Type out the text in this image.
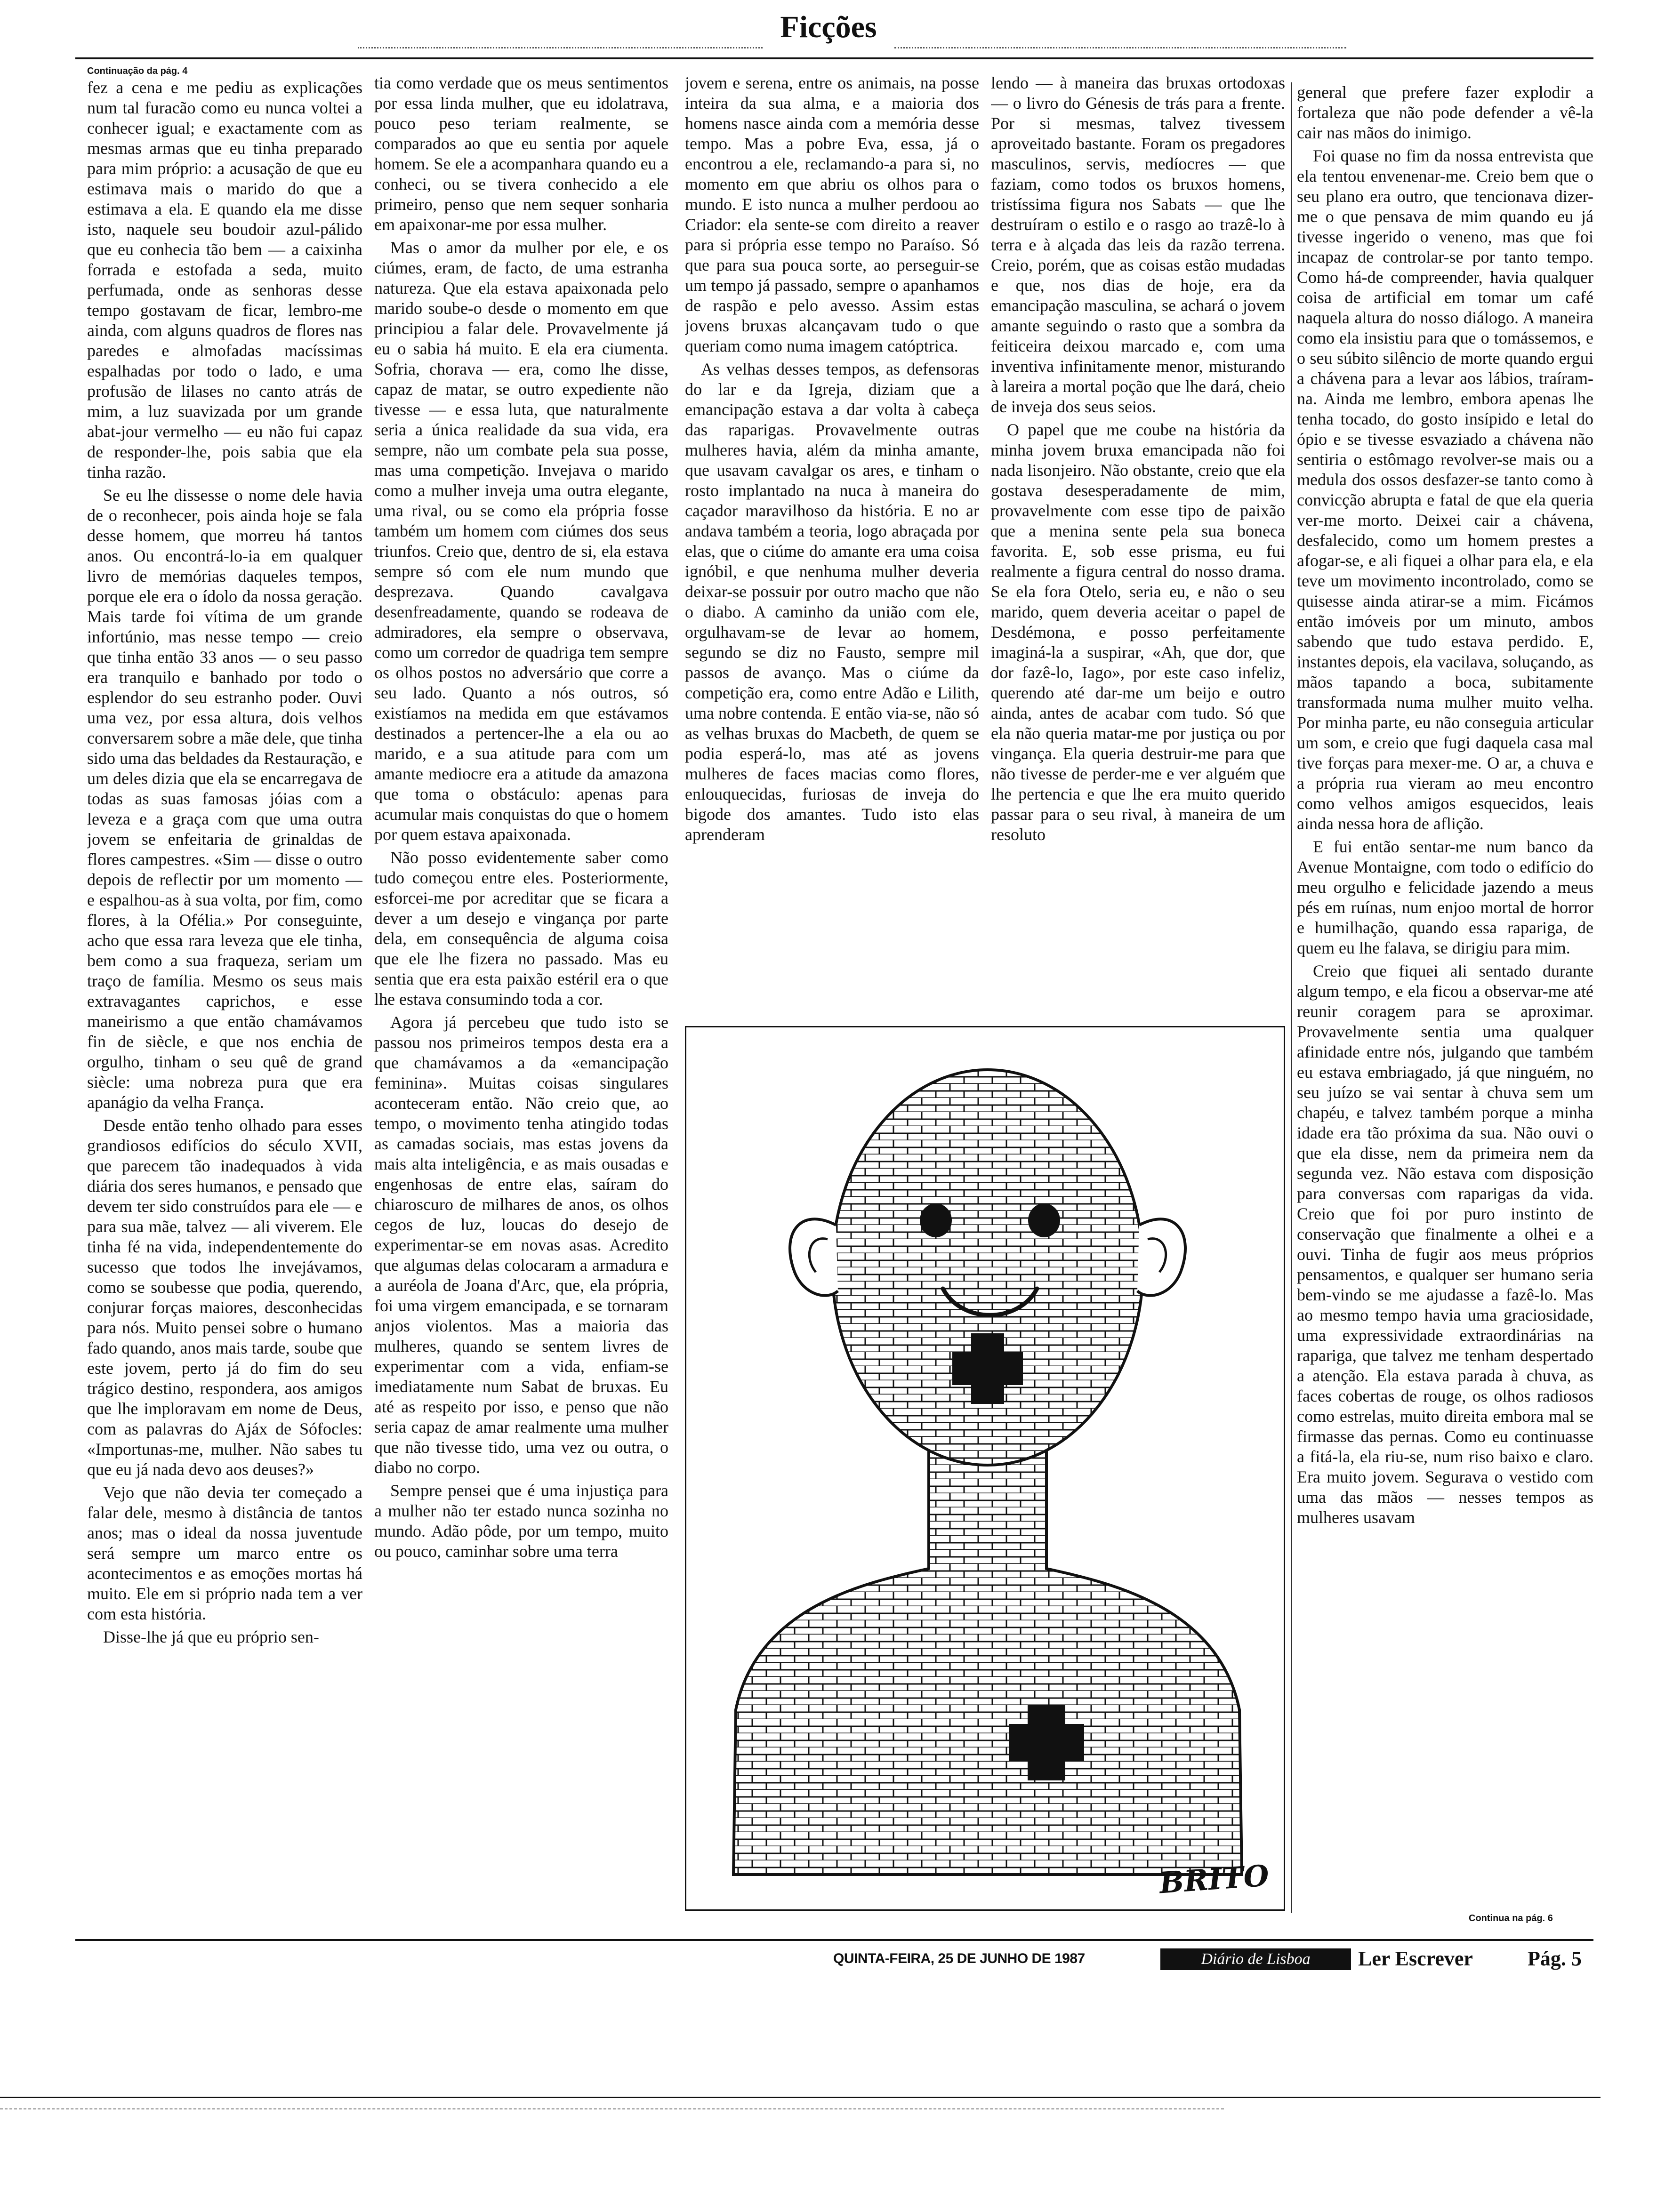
Ficções
Continuação da pág. 4

fez a cena e me pediu as explicações num tal furacão como eu nunca voltei a conhecer igual; e exactamente com as mesmas armas que eu tinha preparado para mim próprio: a acusação de que eu estimava mais o marido do que a estimava a ela. E quando ela me disse isto, naquele seu boudoir azul-pálido que eu conhecia tão bem — a caixinha forrada e estofada a seda, muito perfumada, onde as senhoras desse tempo gostavam de ficar, lembro-me ainda, com alguns quadros de flores nas paredes e almofadas macíssimas espalhadas por todo o lado, e uma profusão de lilases no canto atrás de mim, a luz suavizada por um grande abat-jour vermelho — eu não fui capaz de responder-lhe, pois sabia que ela tinha razão.

Se eu lhe dissesse o nome dele havia de o reconhecer, pois ainda hoje se fala desse homem, que morreu há tantos anos. Ou encontrá-lo-ia em qualquer livro de memórias daqueles tempos, porque ele era o ídolo da nossa geração. Mais tarde foi vítima de um grande infortúnio, mas nesse tempo — creio que tinha então 33 anos — o seu passo era tranquilo e banhado por todo o esplendor do seu estranho poder. Ouvi uma vez, por essa altura, dois velhos conversarem sobre a mãe dele, que tinha sido uma das beldades da Restauração, e um deles dizia que ela se encarregava de todas as suas famosas jóias com a leveza e a graça com que uma outra jovem se enfeitaria de grinaldas de flores campestres. «Sim — disse o outro depois de reflectir por um momento — e espalhou-as à sua volta, por fim, como flores, à la Ofélia.» Por conseguinte, acho que essa rara leveza que ele tinha, bem como a sua fraqueza, seriam um traço de família. Mesmo os seus mais extravagantes caprichos, e esse maneirismo a que então chamávamos fin de siècle, e que nos enchia de orgulho, tinham o seu quê de grand siècle: uma nobreza pura que era apanágio da velha França.

Desde então tenho olhado para esses grandiosos edifícios do século XVII, que parecem tão inadequados à vida diária dos seres humanos, e pensado que devem ter sido construídos para ele — e para sua mãe, talvez — ali viverem. Ele tinha fé na vida, independentemente do sucesso que todos lhe invejávamos, como se soubesse que podia, querendo, conjurar forças maiores, desconhecidas para nós. Muito pensei sobre o humano fado quando, anos mais tarde, soube que este jovem, perto já do fim do seu trágico destino, respondera, aos amigos que lhe imploravam em nome de Deus, com as palavras do Ajáx de Sófocles: «Importunas-me, mulher. Não sabes tu que eu já nada devo aos deuses?»

Vejo que não devia ter começado a falar dele, mesmo à distância de tantos anos; mas o ideal da nossa juventude será sempre um marco entre os acontecimentos e as emoções mortas há muito. Ele em si próprio nada tem a ver com esta história.

Disse-lhe já que eu próprio sen-

tia como verdade que os meus sentimentos por essa linda mulher, que eu idolatrava, pouco peso teriam realmente, se comparados ao que eu sentia por aquele homem. Se ele a acompanhara quando eu a conheci, ou se tivera conhecido a ele primeiro, penso que nem sequer sonharia em apaixonar-me por essa mulher.

Mas o amor da mulher por ele, e os ciúmes, eram, de facto, de uma estranha natureza. Que ela estava apaixonada pelo marido soube-o desde o momento em que principiou a falar dele. Provavelmente já eu o sabia há muito. E ela era ciumenta. Sofria, chorava — era, como lhe disse, capaz de matar, se outro expediente não tivesse — e essa luta, que naturalmente seria a única realidade da sua vida, era sempre, não um combate pela sua posse, mas uma competição. Invejava o marido como a mulher inveja uma outra elegante, uma rival, ou se como ela própria fosse também um homem com ciúmes dos seus triunfos. Creio que, dentro de si, ela estava sempre só com ele num mundo que desprezava. Quando cavalgava desenfreadamente, quando se rodeava de admiradores, ela sempre o observava, como um corredor de quadriga tem sempre os olhos postos no adversário que corre a seu lado. Quanto a nós outros, só existíamos na medida em que estávamos destinados a pertencer-lhe a ela ou ao marido, e a sua atitude para com um amante mediocre era a atitude da amazona que toma o obstáculo: apenas para acumular mais conquistas do que o homem por quem estava apaixonada.

Não posso evidentemente saber como tudo começou entre eles. Posteriormente, esforcei-me por acreditar que se ficara a dever a um desejo e vingança por parte dela, em consequência de alguma coisa que ele lhe fizera no passado. Mas eu sentia que era esta paixão estéril era o que lhe estava consumindo toda a cor.

Agora já percebeu que tudo isto se passou nos primeiros tempos desta era a que chamávamos a da «emancipação feminina». Muitas coisas singulares aconteceram então. Não creio que, ao tempo, o movimento tenha atingido todas as camadas sociais, mas estas jovens da mais alta inteligência, e as mais ousadas e engenhosas de entre elas, saíram do chiaroscuro de milhares de anos, os olhos cegos de luz, loucas do desejo de experimentar-se em novas asas. Acredito que algumas delas colocaram a armadura e a auréola de Joana d'Arc, que, ela própria, foi uma virgem emancipada, e se tornaram anjos violentos. Mas a maioria das mulheres, quando se sentem livres de experimentar com a vida, enfiam-se imediatamente num Sabat de bruxas. Eu até as respeito por isso, e penso que não seria capaz de amar realmente uma mulher que não tivesse tido, uma vez ou outra, o diabo no corpo.

Sempre pensei que é uma injustiça para a mulher não ter estado nunca sozinha no mundo. Adão pôde, por um tempo, muito ou pouco, caminhar sobre uma terra

jovem e serena, entre os animais, na posse inteira da sua alma, e a maioria dos homens nasce ainda com a memória desse tempo. Mas a pobre Eva, essa, já o encontrou a ele, reclamando-a para si, no momento em que abriu os olhos para o mundo. E isto nunca a mulher perdoou ao Criador: ela sente-se com direito a reaver para si própria esse tempo no Paraíso. Só que para sua pouca sorte, ao perseguir-se um tempo já passado, sempre o apanhamos de raspão e pelo avesso. Assim estas jovens bruxas alcançavam tudo o que queriam como numa imagem catóptrica.

As velhas desses tempos, as defensoras do lar e da Igreja, diziam que a emancipação estava a dar volta à cabeça das raparigas. Provavelmente outras mulheres havia, além da minha amante, que usavam cavalgar os ares, e tinham o rosto implantado na nuca à maneira do caçador maravilhoso da história. E no ar andava também a teoria, logo abraçada por elas, que o ciúme do amante era uma coisa ignóbil, e que nenhuma mulher deveria deixar-se possuir por outro macho que não o diabo. A caminho da união com ele, orgulhavam-se de levar ao homem, segundo se diz no Fausto, sempre mil passos de avanço. Mas o ciúme da competição era, como entre Adão e Lilith, uma nobre contenda. E então via-se, não só as velhas bruxas do Macbeth, de quem se podia esperá-lo, mas até as jovens mulheres de faces macias como flores, enlouquecidas, furiosas de inveja do bigode dos amantes. Tudo isto elas aprenderam

lendo — à maneira das bruxas ortodoxas — o livro do Génesis de trás para a frente. Por si mesmas, talvez tivessem aproveitado bastante. Foram os pregadores masculinos, servis, medíocres — que faziam, como todos os bruxos homens, tristíssima figura nos Sabats — que lhe destruíram o estilo e o rasgo ao trazê-lo à terra e à alçada das leis da razão terrena. Creio, porém, que as coisas estão mudadas e que, nos dias de hoje, era da emancipação masculina, se achará o jovem amante seguindo o rasto que a sombra da feiticeira deixou marcado e, com uma inventiva infinitamente menor, misturando à lareira a mortal poção que lhe dará, cheio de inveja dos seus seios.

O papel que me coube na história da minha jovem bruxa emancipada não foi nada lisonjeiro. Não obstante, creio que ela gostava desesperadamente de mim, provavelmente com esse tipo de paixão que a menina sente pela sua boneca favorita. E, sob esse prisma, eu fui realmente a figura central do nosso drama. Se ela fora Otelo, seria eu, e não o seu marido, quem deveria aceitar o papel de Desdémona, e posso perfeitamente imaginá-la a suspirar, «Ah, que dor, que dor fazê-lo, Iago», por este caso infeliz, querendo até dar-me um beijo e outro ainda, antes de acabar com tudo. Só que ela não queria matar-me por justiça ou por vingança. Ela queria destruir-me para que não tivesse de perder-me e ver alguém que lhe pertencia e que lhe era muito querido passar para o seu rival, à maneira de um resoluto

general que prefere fazer explodir a fortaleza que não pode defender a vê-la cair nas mãos do inimigo.

Foi quase no fim da nossa entrevista que ela tentou envenenar-me. Creio bem que o seu plano era outro, que tencionava dizer-me o que pensava de mim quando eu já tivesse ingerido o veneno, mas que foi incapaz de controlar-se por tanto tempo. Como há-de compreender, havia qualquer coisa de artificial em tomar um café naquela altura do nosso diálogo. A maneira como ela insistiu para que o tomássemos, e o seu súbito silêncio de morte quando ergui a chávena para a levar aos lábios, traíram-na. Ainda me lembro, embora apenas lhe tenha tocado, do gosto insípido e letal do ópio e se tivesse esvaziado a chávena não sentiria o estômago revolver-se mais ou a medula dos ossos desfazer-se tanto como à convicção abrupta e fatal de que ela queria ver-me morto. Deixei cair a chávena, desfalecido, como um homem prestes a afogar-se, e ali fiquei a olhar para ela, e ela teve um movimento incontrolado, como se quisesse ainda atirar-se a mim. Ficámos então imóveis por um minuto, ambos sabendo que tudo estava perdido. E, instantes depois, ela vacilava, soluçando, as mãos tapando a boca, subitamente transformada numa mulher muito velha. Por minha parte, eu não conseguia articular um som, e creio que fugi daquela casa mal tive forças para mexer-me. O ar, a chuva e a própria rua vieram ao meu encontro como velhos amigos esquecidos, leais ainda nessa hora de aflição.

E fui então sentar-me num banco da Avenue Montaigne, com todo o edifício do meu orgulho e felicidade jazendo a meus pés em ruínas, num enjoo mortal de horror e humilhação, quando essa rapariga, de quem eu lhe falava, se dirigiu para mim.

Creio que fiquei ali sentado durante algum tempo, e ela ficou a observar-me até reunir coragem para se aproximar. Provavelmente sentia uma qualquer afinidade entre nós, julgando que também eu estava embriagado, já que ninguém, no seu juízo se vai sentar à chuva sem um chapéu, e talvez também porque a minha idade era tão próxima da sua. Não ouvi o que ela disse, nem da primeira nem da segunda vez. Não estava com disposição para conversas com raparigas da vida. Creio que foi por puro instinto de conservação que finalmente a olhei e a ouvi. Tinha de fugir aos meus próprios pensamentos, e qualquer ser humano seria bem-vindo se me ajudasse a fazê-lo. Mas ao mesmo tempo havia uma graciosidade, uma expressividade extraordinárias na rapariga, que talvez me tenham despertado a atenção. Ela estava parada à chuva, as faces cobertas de rouge, os olhos radiosos como estrelas, muito direita embora mal se firmasse das pernas. Como eu continuasse a fitá-la, ela riu-se, num riso baixo e claro. Era muito jovem. Segurava o vestido com uma das mãos — nesses tempos as mulheres usavam

BRITO
Continua na pág. 6
QUINTA-FEIRA, 25 DE JUNHO DE 1987	Diário de Lisboa	Ler Escrever	Pág. 5
